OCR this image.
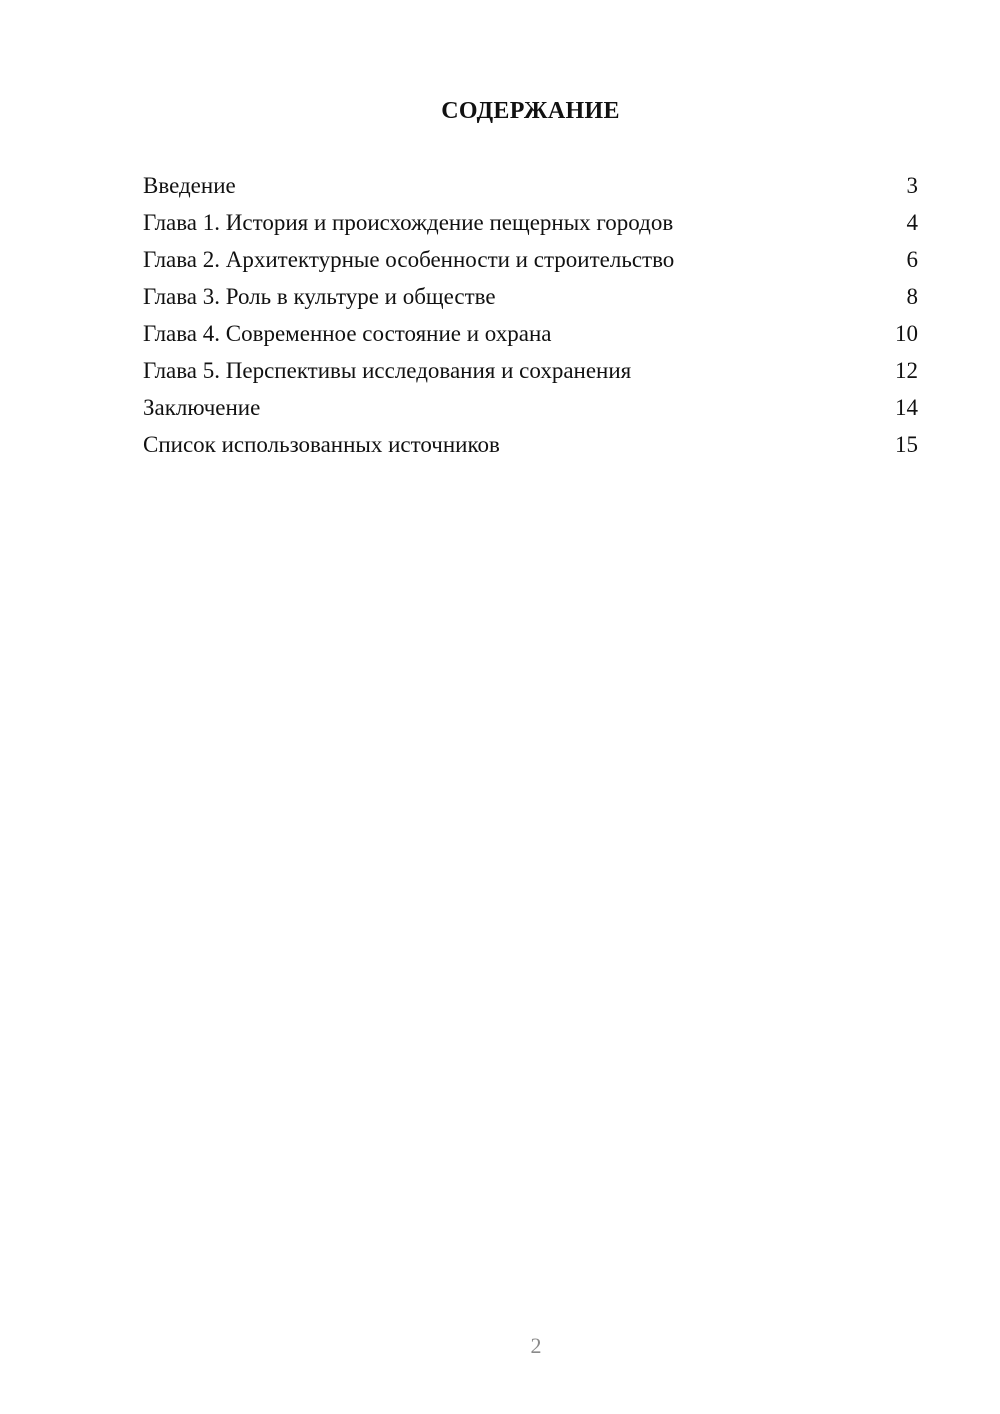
СОДЕРЖАНИЕ
Введение	3
Глава 1. История и происхождение пещерных городов	4
Глава 2. Архитектурные особенности и строительство	6
Глава 3. Роль в культуре и обществе	8
Глава 4. Современное состояние и охрана	10
Глава 5. Перспективы исследования и сохранения	12
Заключение	14
Список использованных источников	15
2
